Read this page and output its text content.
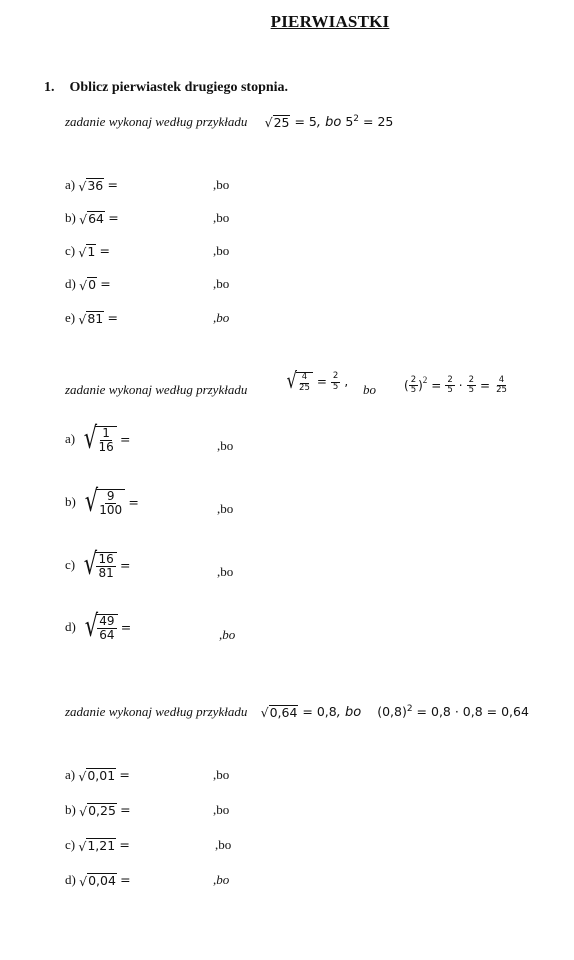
PIERWIASTKI
1. Oblicz pierwiastek drugiego stopnia.
zadanie wykonaj według przykładu √ 25 = 5, bo $5^2 = 25$
a) √ 36 =	,bo
b) √ 64 =	,bo
c) √ 1 =	,bo
d) √ 0 =	,bo
e) √ 81 =	,bo
zadanie wykonaj według przykładu √ $\frac{4}{25} = \frac{2}{5}$ ,
bo ( $\frac{2}{5} )^2 = \frac{2}{5} \cdot \frac{2}{5} = \frac{4}{25}$
a) √ $\frac{1}{16}$ =	,bo
b) √ $\frac{9}{100}$ =	,bo
c) √ $\frac{16}{81}$ =	,bo
d) √ $\frac{49}{64}$ =	,bo
zadanie wykonaj według przykładu √ 0,64 = 0,8, bo $(0,8)^2 = 0,8 \cdot 0,8 = 0,64$
a) √ 0,01 =	,bo
b) √ 0,25 =	,bo
c) √ 1,21 =	,bo
d) √ 0,04 =	,bo
